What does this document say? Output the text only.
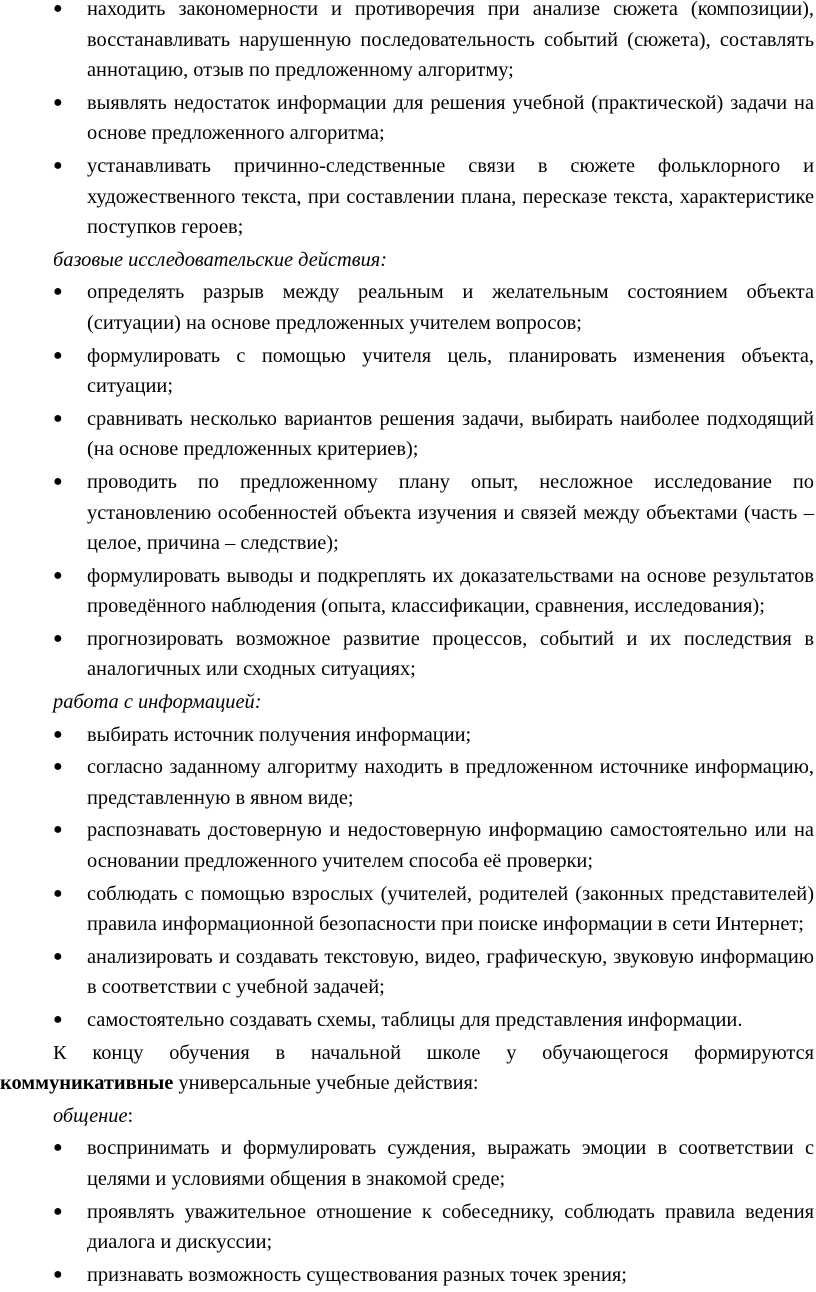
● находить закономерности и противоречия при анализе сюжета (композиции), восстанавливать нарушенную последовательность событий (сюжета), составлять аннотацию, отзыв по предложенному алгоритму;
● выявлять недостаток информации для решения учебной (практической) задачи на основе предложенного алгоритма;
● устанавливать причинно-следственные связи в сюжете фольклорного и художественного текста, при составлении плана, пересказе текста, характеристике поступков героев;
базовые исследовательские действия:
● определять разрыв между реальным и желательным состоянием объекта (ситуации) на основе предложенных учителем вопросов;
● формулировать с помощью учителя цель, планировать изменения объекта, ситуации;
● сравнивать несколько вариантов решения задачи, выбирать наиболее подходящий (на основе предложенных критериев);
● проводить по предложенному плану опыт, несложное исследование по установлению особенностей объекта изучения и связей между объектами (часть – целое, причина – следствие);
● формулировать выводы и подкреплять их доказательствами на основе результатов проведённого наблюдения (опыта, классификации, сравнения, исследования);
● прогнозировать возможное развитие процессов, событий и их последствия в аналогичных или сходных ситуациях;
работа с информацией:
● выбирать источник получения информации;
● согласно заданному алгоритму находить в предложенном источнике информацию, представленную в явном виде;
● распознавать достоверную и недостоверную информацию самостоятельно или на основании предложенного учителем способа её проверки;
● соблюдать с помощью взрослых (учителей, родителей (законных представителей) правила информационной безопасности при поиске информации в сети Интернет;
● анализировать и создавать текстовую, видео, графическую, звуковую информацию в соответствии с учебной задачей;
● самостоятельно создавать схемы, таблицы для представления информации.
К концу обучения в начальной школе у обучающегося формируются
коммуникативные универсальные учебные действия:
общение:
● воспринимать и формулировать суждения, выражать эмоции в соответствии с целями и условиями общения в знакомой среде;
● проявлять уважительное отношение к собеседнику, соблюдать правила ведения диалога и дискуссии;
● признавать возможность существования разных точек зрения;
